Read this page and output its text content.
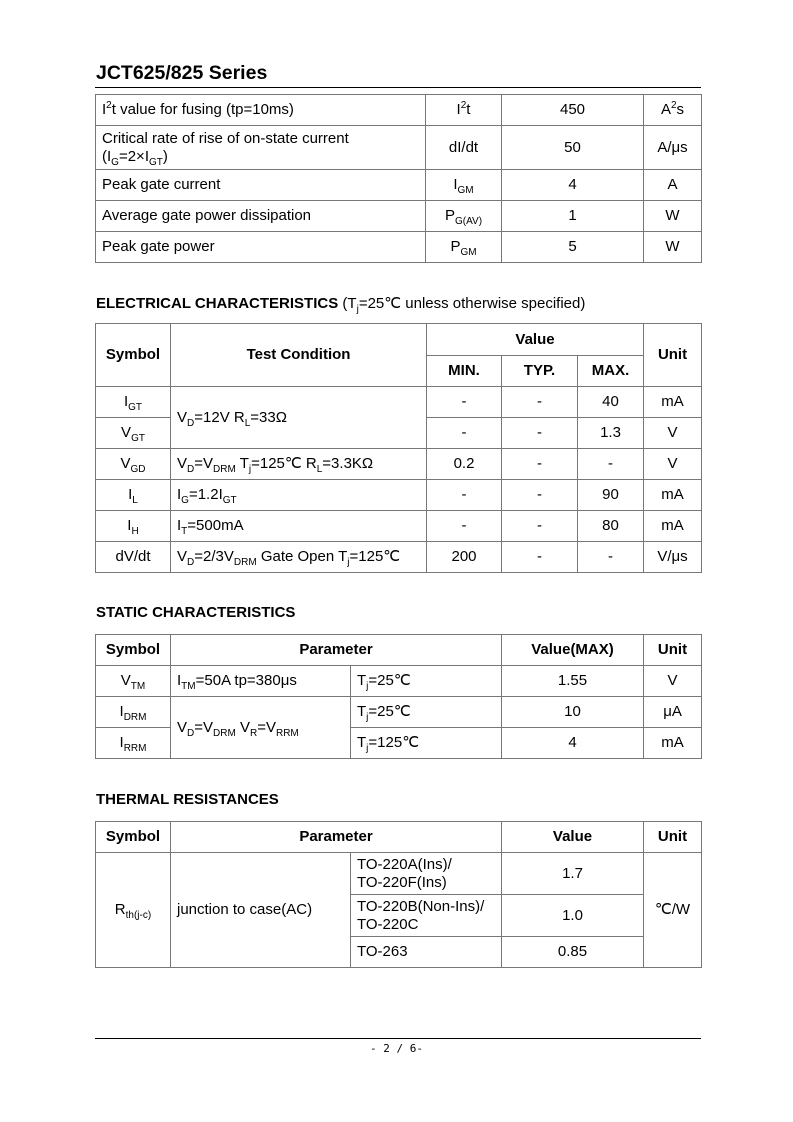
JCT625/825 Series
$I^2t$ value for fusing (tp=10ms)	$I^2t$	450	$A^2s$

Critical rate of rise of on-state current
$(I_G=2\times I_{GT})$	dI/dt	50	A/μs
Peak gate current	$I_{GM}$	4	A
Average gate power dissipation	$P_{G(AV)}$	1	W
Peak gate power	$P_{GM}$	5	W
ELECTRICAL CHARACTERISTICS ($T_j=25℃$ unless otherwise specified)
Symbol	Test Condition	Value			Unit
		MIN.	TYP.	MAX.	
$I_{GT}$	$V_D=12V$ $R_L=33\Omega$	-	-	40	mA
$V_{GT}$		-	-	1.3	V
$V_{GD}$	$V_D=V_{DRM}$ $T_j=125℃$ $R_L=3.3K\Omega$	0.2	-	-	V
$I_L$	$I_G=1.2I_{GT}$	-	-	90	mA
$I_H$	$I_T=500mA$	-	-	80	mA
dV/dt	$V_D=2/3V_{DRM}$ Gate Open $T_j=125℃$	200	-	-	V/μs
STATIC CHARACTERISTICS
Symbol	Parameter		Value(MAX)	Unit
$V_{TM}$	$I_{TM}=50A$ tp=380μs	$T_j=25℃$	1.55	V
$I_{DRM}$	$V_D=V_{DRM}$ $V_R=V_{RRM}$	$T_j=25℃$	10	μA
$I_{RRM}$		$T_j=125℃$	4	mA
THERMAL RESISTANCES
Symbol	Parameter		Value	Unit
$R_{th(j-c)}$	junction to case(AC)	TO-220A(Ins)/
TO-220F(Ins)	1.7	℃/W

		TO-220B(Non-Ins)/
TO-220C	1.0	
		TO-263	0.85	
- 2 / 6-
